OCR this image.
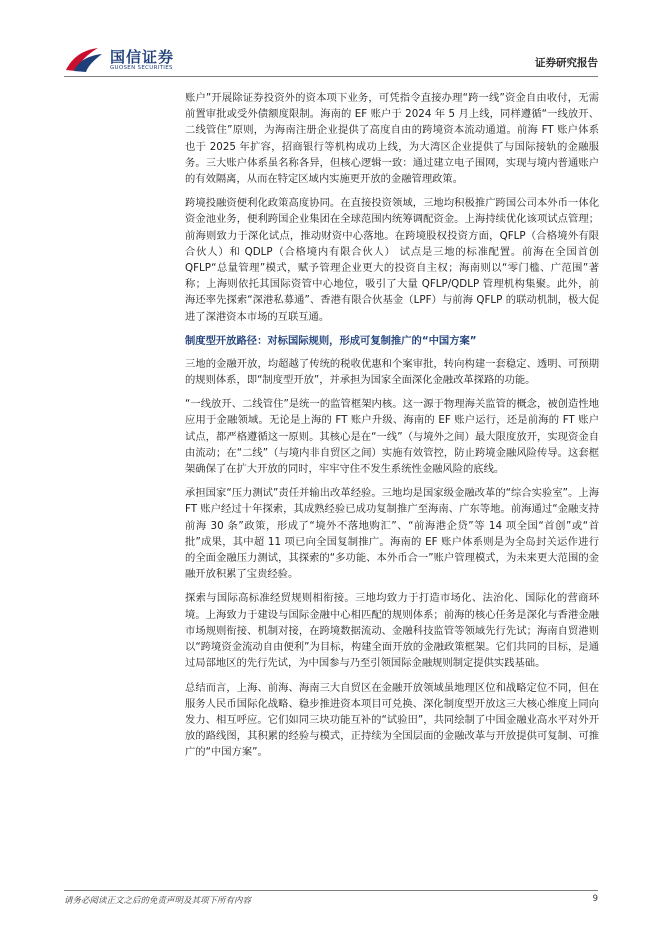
国信证券
GUOSEN SECURITIES	证券研究报告

账户”开展除证券投资外的资本项下业务，可凭指令直接办理“跨一线”资金自由收付，无需前置审批或受外债额度限制。海南的 EF 账户于 2024 年 5 月上线，同样遵循“一线放开、二线管住”原则，为海南注册企业提供了高度自由的跨境资本流动通道。前海 FT 账户体系也于 2025 年扩容，招商银行等机构成功上线，为大湾区企业提供了与国际接轨的金融服务。三大账户体系虽名称各异，但核心逻辑一致：通过建立电子围网，实现与境内普通账户的有效隔离，从而在特定区域内实施更开放的金融管理政策。

跨境投融资便利化政策高度协同。在直接投资领域，三地均积极推广跨国公司本外币一体化资金池业务，便利跨国企业集团在全球范围内统筹调配资金。上海持续优化该项试点管理；前海则致力于深化试点，推动财资中心落地。在跨境股权投资方面，QFLP（合格境外有限合伙人）和 QDLP（合格境内有限合伙人） 试点是三地的标准配置。前海在全国首创 QFLP“总量管理”模式，赋予管理企业更大的投资自主权；海南则以“零门槛、广范围”著称；上海则依托其国际资管中心地位，吸引了大量 QFLP/QDLP 管理机构集聚。此外，前海还率先探索“深港私募通”、香港有限合伙基金（LPF）与前海 QFLP 的联动机制，极大促进了深港资本市场的互联互通。

制度型开放路径：对标国际规则，形成可复制推广的“中国方案”

三地的金融开放，均超越了传统的税收优惠和个案审批，转向构建一套稳定、透明、可预期的规则体系，即“制度型开放”，并承担为国家全面深化金融改革探路的功能。

“一线放开、二线管住”是统一的监管框架内核。这一源于物理海关监管的概念，被创造性地应用于金融领域。无论是上海的 FT 账户升级、海南的 EF 账户运行，还是前海的 FT 账户试点，都严格遵循这一原则。其核心是在“一线”（与境外之间）最大限度放开，实现资金自由流动；在“二线”（与境内非自贸区之间）实施有效管控，防止跨境金融风险传导。这套框架确保了在扩大开放的同时，牢牢守住不发生系统性金融风险的底线。

承担国家“压力测试”责任并输出改革经验。三地均是国家级金融改革的“综合实验室”。上海 FT 账户经过十年探索，其成熟经验已成功复制推广至海南、广东等地。前海通过“金融支持前海 30 条”政策，形成了“境外不落地购汇”、“前海港企贷”等 14 项全国“首创”或“首批”成果，其中超 11 项已向全国复制推广。海南的 EF 账户体系则是为全岛封关运作进行的全面金融压力测试，其探索的“多功能、本外币合一”账户管理模式，为未来更大范围的金融开放积累了宝贵经验。

探索与国际高标准经贸规则相衔接。三地均致力于打造市场化、法治化、国际化的营商环境。上海致力于建设与国际金融中心相匹配的规则体系；前海的核心任务是深化与香港金融市场规则衔接、机制对接，在跨境数据流动、金融科技监管等领域先行先试；海南自贸港则以“跨境资金流动自由便利”为目标，构建全面开放的金融政策框架。它们共同的目标，是通过局部地区的先行先试，为中国参与乃至引领国际金融规则制定提供实践基础。

总结而言，上海、前海、海南三大自贸区在金融开放领域虽地理区位和战略定位不同，但在服务人民币国际化战略、稳步推进资本项目可兑换、深化制度型开放这三大核心维度上同向发力、相互呼应。它们如同三块功能互补的“试验田”，共同绘制了中国金融业高水平对外开放的路线图，其积累的经验与模式，正持续为全国层面的金融改革与开放提供可复制、可推广的“中国方案”。

请务必阅读正文之后的免责声明及其项下所有内容	9
